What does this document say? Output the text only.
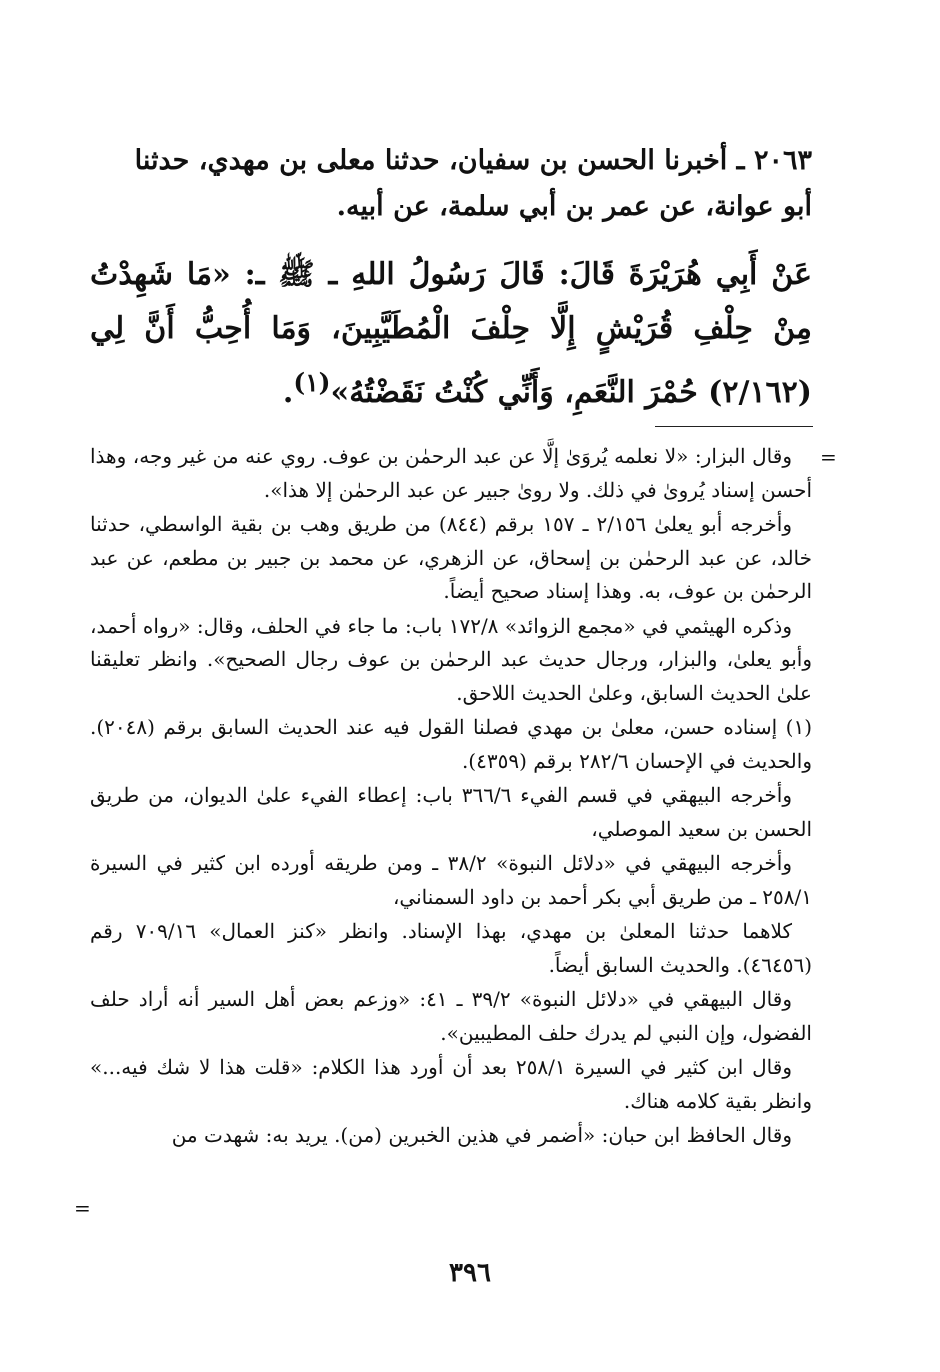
٢٠٦٣ ـ أخبرنا الحسن بن سفيان، حدثنا معلى بن مهدي، حدثنا

أبو عوانة، عن عمر بن أبي سلمة، عن أبيه.

عَنْ أَبِي هُرَيْرَةَ قَالَ: قَالَ رَسُولُ اللهِ ـ ﷺ ـ: «مَا شَهِدْتُ مِنْ حِلْفِ قُرَيْشٍ إِلَّا حِلْفَ الْمُطَيَّبِينَ، وَمَا أُحِبُّ أَنَّ لِي (٢/١٦٢) حُمْرَ النَّعَمِ، وَأَنِّي كُنْتُ نَقَضْتُهُ»$^{(١)}$.

=

وقال البزار: «لا نعلمه يُروَىٰ إلَّا عن عبد الرحمٰن بن عوف. روي عنه من غير وجه، وهذا أحسن إسناد يُروىٰ في ذلك. ولا روىٰ جبير عن عبد الرحمٰن إلا هذا».

وأخرجه أبو يعلىٰ ٢/١٥٦ ـ ١٥٧ برقم (٨٤٤) من طريق وهب بن بقية الواسطي، حدثنا خالد، عن عبد الرحمٰن بن إسحاق، عن الزهري، عن محمد بن جبير بن مطعم، عن عبد الرحمٰن بن عوف، به. وهذا إسناد صحيح أيضاً.

وذكره الهيثمي في «مجمع الزوائد» ١٧٢/٨ باب: ما جاء في الحلف، وقال: «رواه أحمد، وأبو يعلىٰ، والبزار، ورجال حديث عبد الرحمٰن بن عوف رجال الصحيح». وانظر تعليقنا علىٰ الحديث السابق، وعلىٰ الحديث اللاحق.

(١) إسناده حسن، معلىٰ بن مهدي فصلنا القول فيه عند الحديث السابق برقم (٢٠٤٨). والحديث في الإحسان ٢٨٢/٦ برقم (٤٣٥٩).

وأخرجه البيهقي في قسم الفيء ٣٦٦/٦ باب: إعطاء الفيء علىٰ الديوان، من طريق الحسن بن سعيد الموصلي،

وأخرجه البيهقي في «دلائل النبوة» ٣٨/٢ ـ ومن طريقه أورده ابن كثير في السيرة ٢٥٨/١ ـ من طريق أبي بكر أحمد بن داود السمناني،

كلاهما حدثنا المعلىٰ بن مهدي، بهذا الإسناد. وانظر «كنز العمال» ٧٠٩/١٦ رقم (٤٦٤٥٦). والحديث السابق أيضاً.

وقال البيهقي في «دلائل النبوة» ٣٩/٢ ـ ٤١: «وزعم بعض أهل السير أنه أراد حلف الفضول، وإن النبي لم يدرك حلف المطيبين».

وقال ابن كثير في السيرة ٢٥٨/١ بعد أن أورد هذا الكلام: «قلت هذا لا شك فيه...» وانظر بقية كلامه هناك.

وقال الحافظ ابن حبان: «أضمر في هذين الخبرين (من). يريد به: شهدت من

=
٣٩٦
